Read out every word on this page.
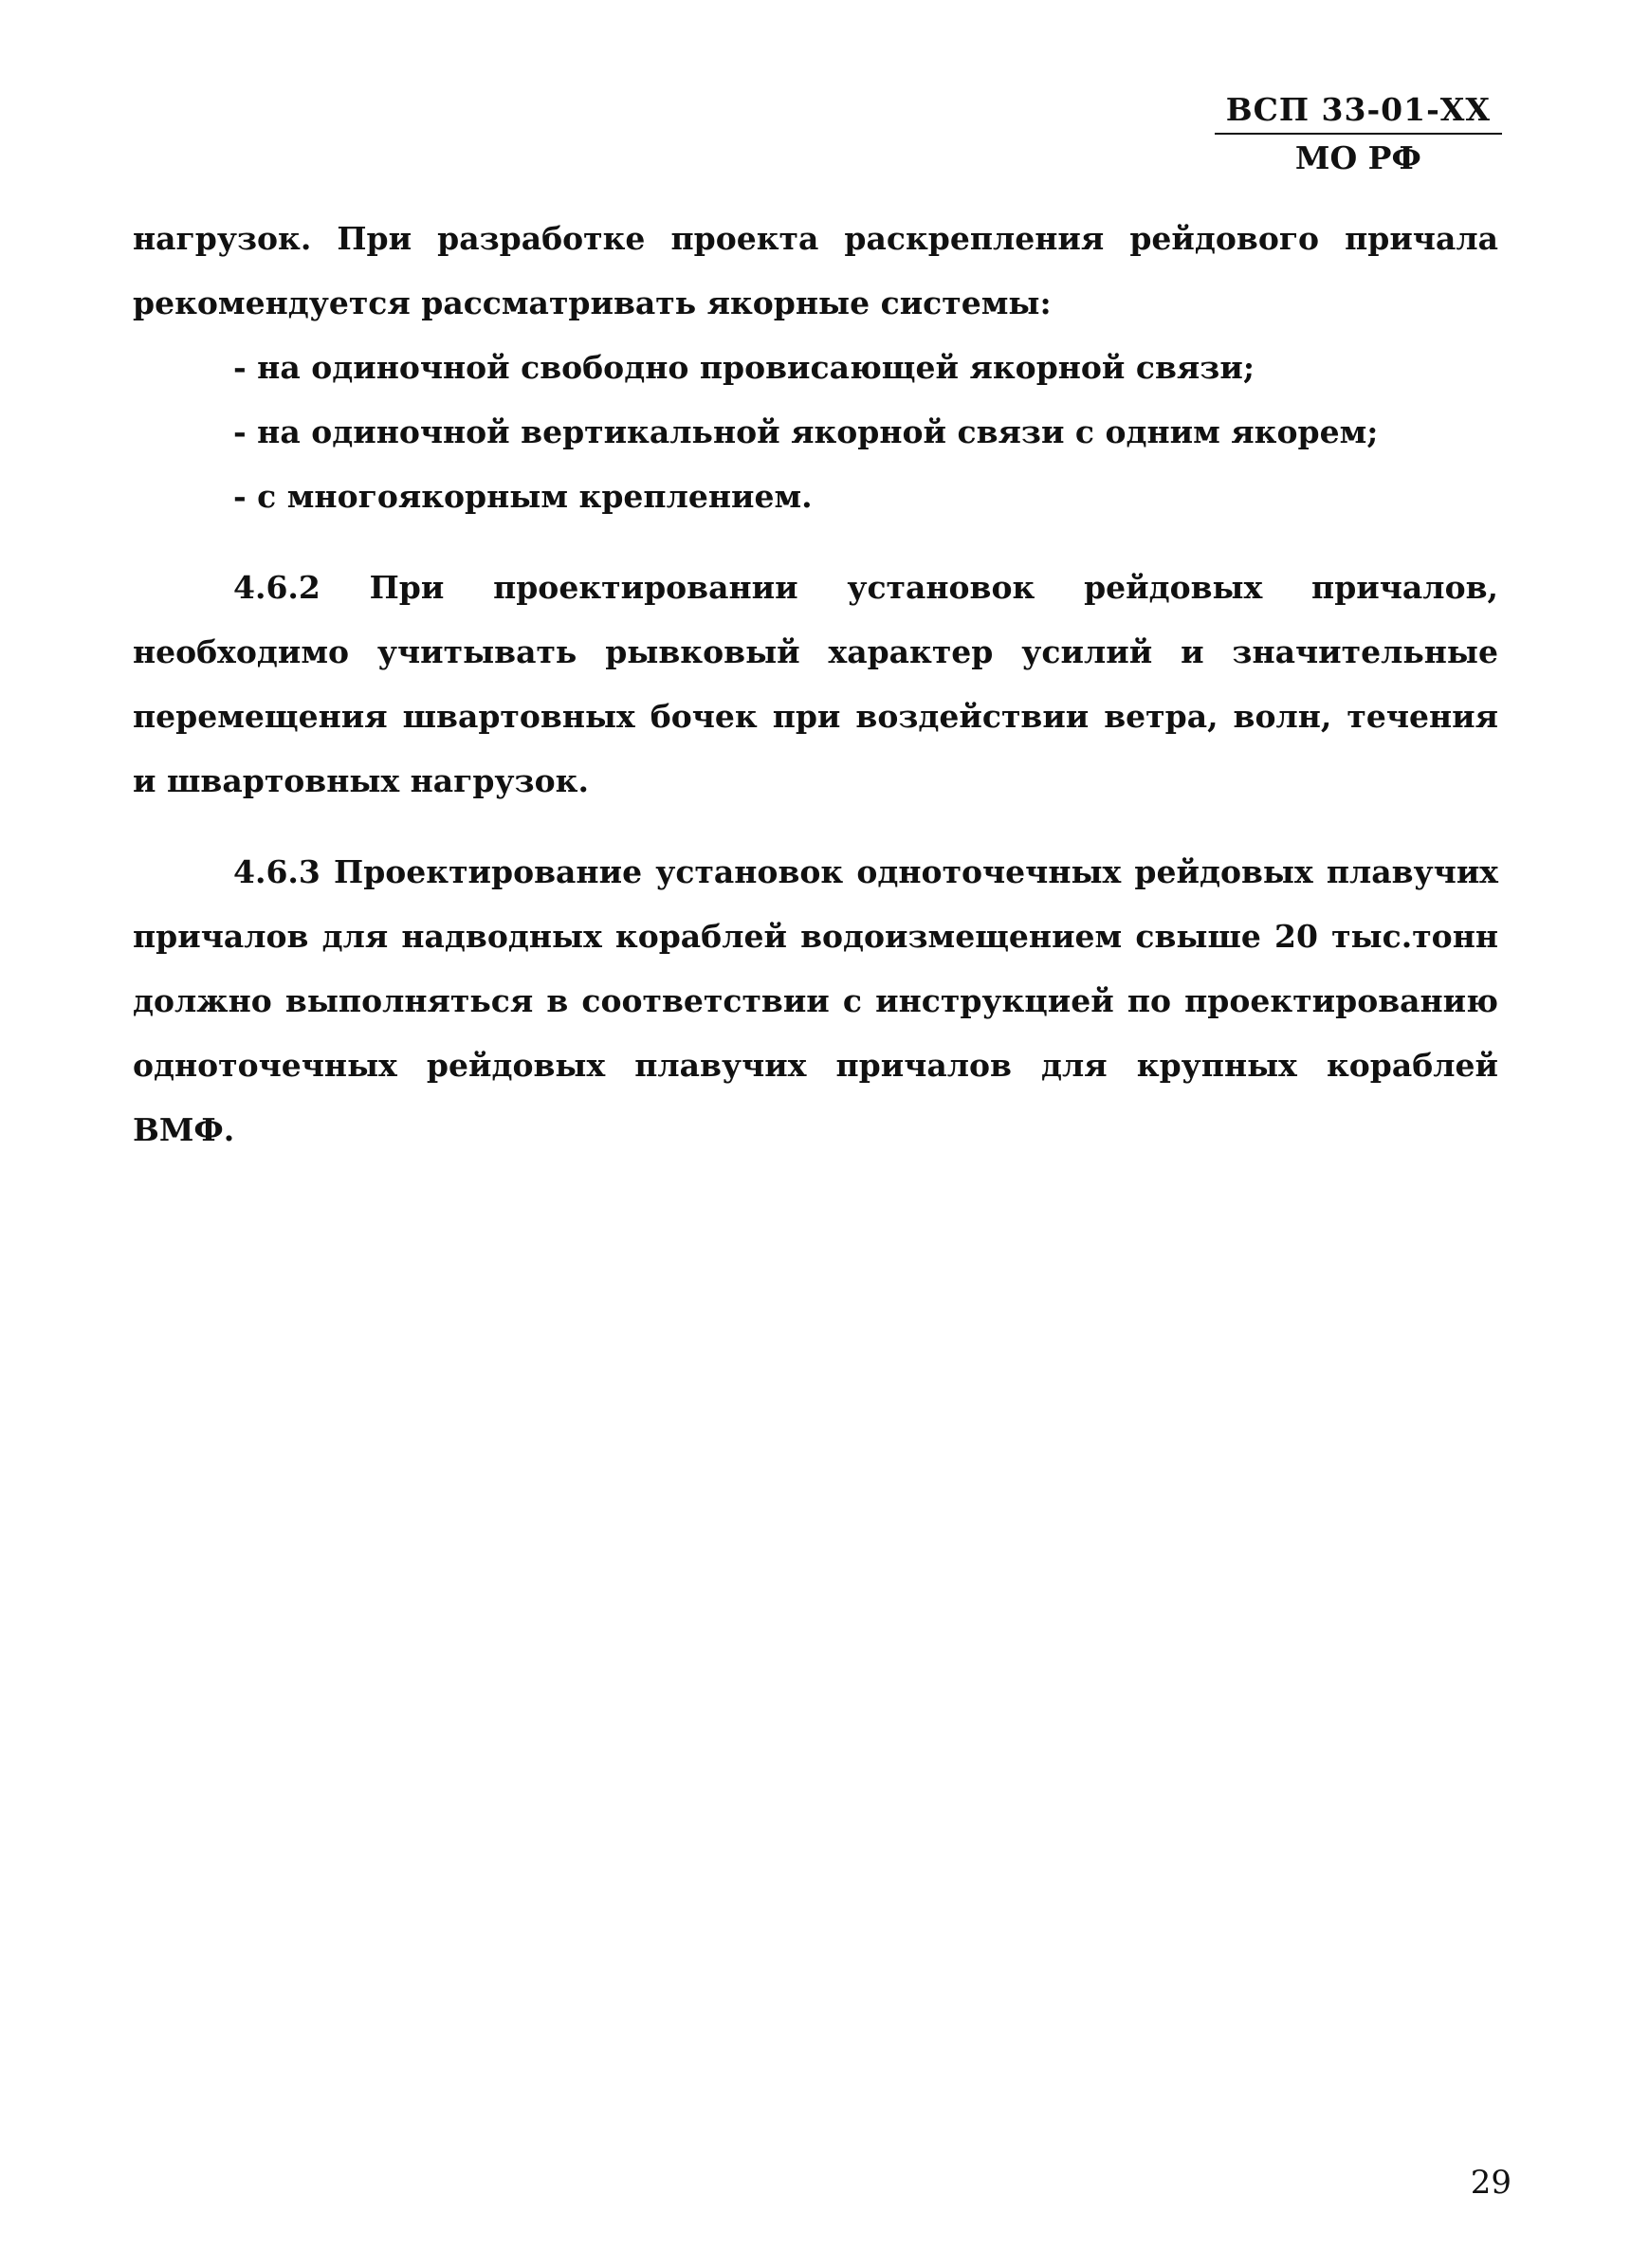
ВСП 33-01-ХХ
МО РФ

нагрузок. При разработке проекта раскрепления рейдового причала рекомендуется рассматривать якорные системы:

- на одиночной свободно провисающей якорной связи;

- на одиночной вертикальной якорной связи с одним якорем;

- с многоякорным креплением.

4.6.2 При проектировании установок рейдовых причалов, необходимо учитывать рывковый характер усилий и значительные перемещения швартовных бочек при воздействии ветра, волн, течения и швартовных нагрузок.

4.6.3 Проектирование установок одноточечных рейдовых плавучих причалов для надводных кораблей водоизмещением свыше 20 тыс.тонн должно выполняться в соответствии с инструкцией по проектированию одноточечных рейдовых плавучих причалов для крупных кораблей ВМФ.

29
